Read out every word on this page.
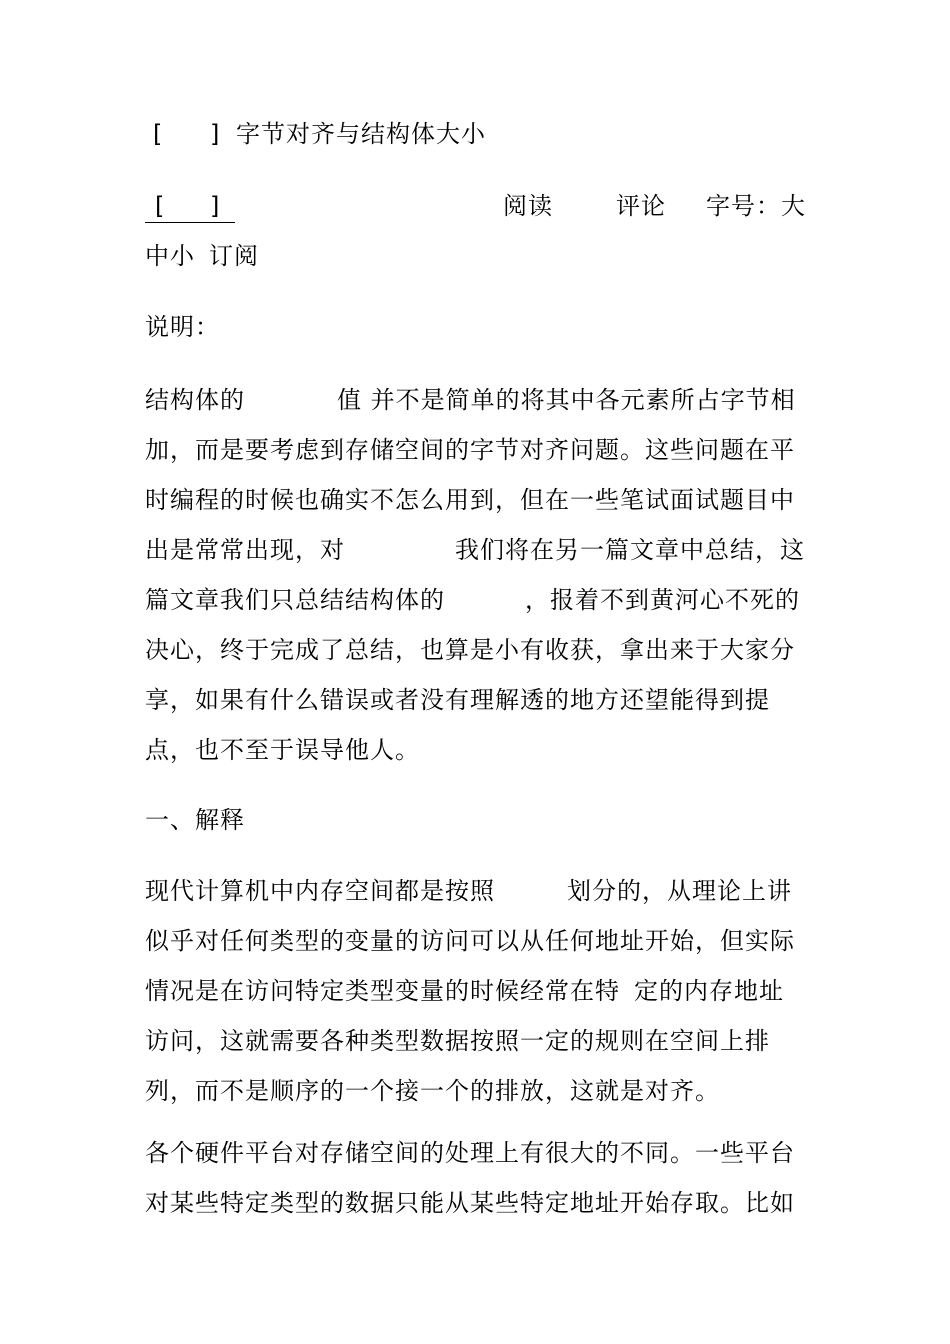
[ ] 字节对齐与结构体大小
[ ]	阅读	评论 字号：大
中小 订阅
说明：
结构体的	值 并不是简单的将其中各元素所占字节相
加，而是要考虑到存储空间的字节对齐问题。这些问题在平
时编程的时候也确实不怎么用到，但在一些笔试面试题目中
出是常常出现，对	我们将在另一篇文章中总结，这
篇文章我们只总结结构体的	，报着不到黄河心不死的
决心，终于完成了总结，也算是小有收获，拿出来于大家分
享，如果有什么错误或者没有理解透的地方还望能得到提
点，也不至于误导他人。
一、解释
现代计算机中内存空间都是按照	划分的，从理论上讲
似乎对任何类型的变量的访问可以从任何地址开始，但实际
情况是在访问特定类型变量的时候经常在特 定的内存地址
访问，这就需要各种类型数据按照一定的规则在空间上排
列，而不是顺序的一个接一个的排放，这就是对齐。
各个硬件平台对存储空间的处理上有很大的不同。一些平台
对某些特定类型的数据只能从某些特定地址开始存取。比如
